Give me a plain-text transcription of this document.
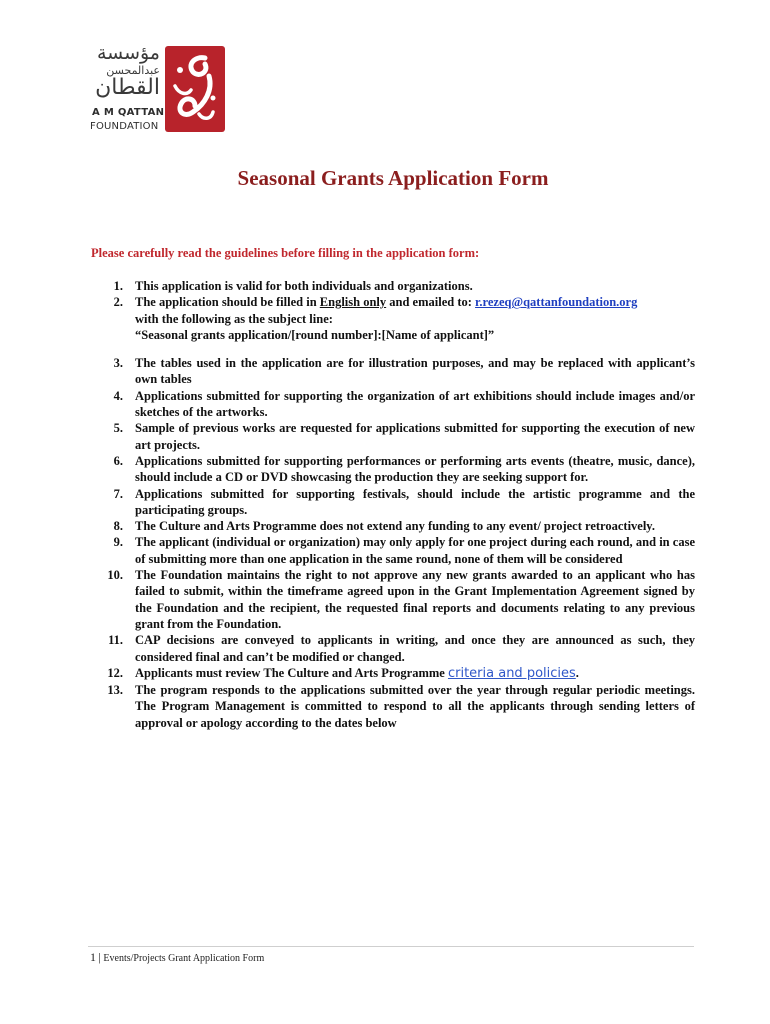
مؤسسة
عبدالمحسن
القطان
A M QATTAN
FOUNDATION
Seasonal Grants Application Form
Please carefully read the guidelines before filling in the application form:
1. This application is valid for both individuals and organizations.
2. The application should be filled in English only and emailed to: r.rezeq@qattanfoundation.org
with the following as the subject line:
“Seasonal grants application/[round number]:[Name of applicant]”
3. The tables used in the application are for illustration purposes, and may be replaced with applicant’s own tables
4. Applications submitted for supporting the organization of art exhibitions should include images and/or sketches of the artworks.
5. Sample of previous works are requested for applications submitted for supporting the execution of new art projects.
6. Applications submitted for supporting performances or performing arts events (theatre, music, dance), should include a CD or DVD showcasing the production they are seeking support for.
7. Applications submitted for supporting festivals, should include the artistic programme and the participating groups.
8. The Culture and Arts Programme does not extend any funding to any event/ project retroactively.
9. The applicant (individual or organization) may only apply for one project during each round, and in case of submitting more than one application in the same round, none of them will be considered
10. The Foundation maintains the right to not approve any new grants awarded to an applicant who has failed to submit, within the timeframe agreed upon in the Grant Implementation Agreement signed by the Foundation and the recipient, the requested final reports and documents relating to any previous grant from the Foundation.
11. CAP decisions are conveyed to applicants in writing, and once they are announced as such, they considered final and can’t be modified or changed.
12. Applicants must review The Culture and Arts Programme criteria and policies.
13. The program responds to the applications submitted over the year through regular periodic meetings. The Program Management is committed to respond to all the applicants through sending letters of approval or apology according to the dates below
1 | Events/Projects Grant Application Form
